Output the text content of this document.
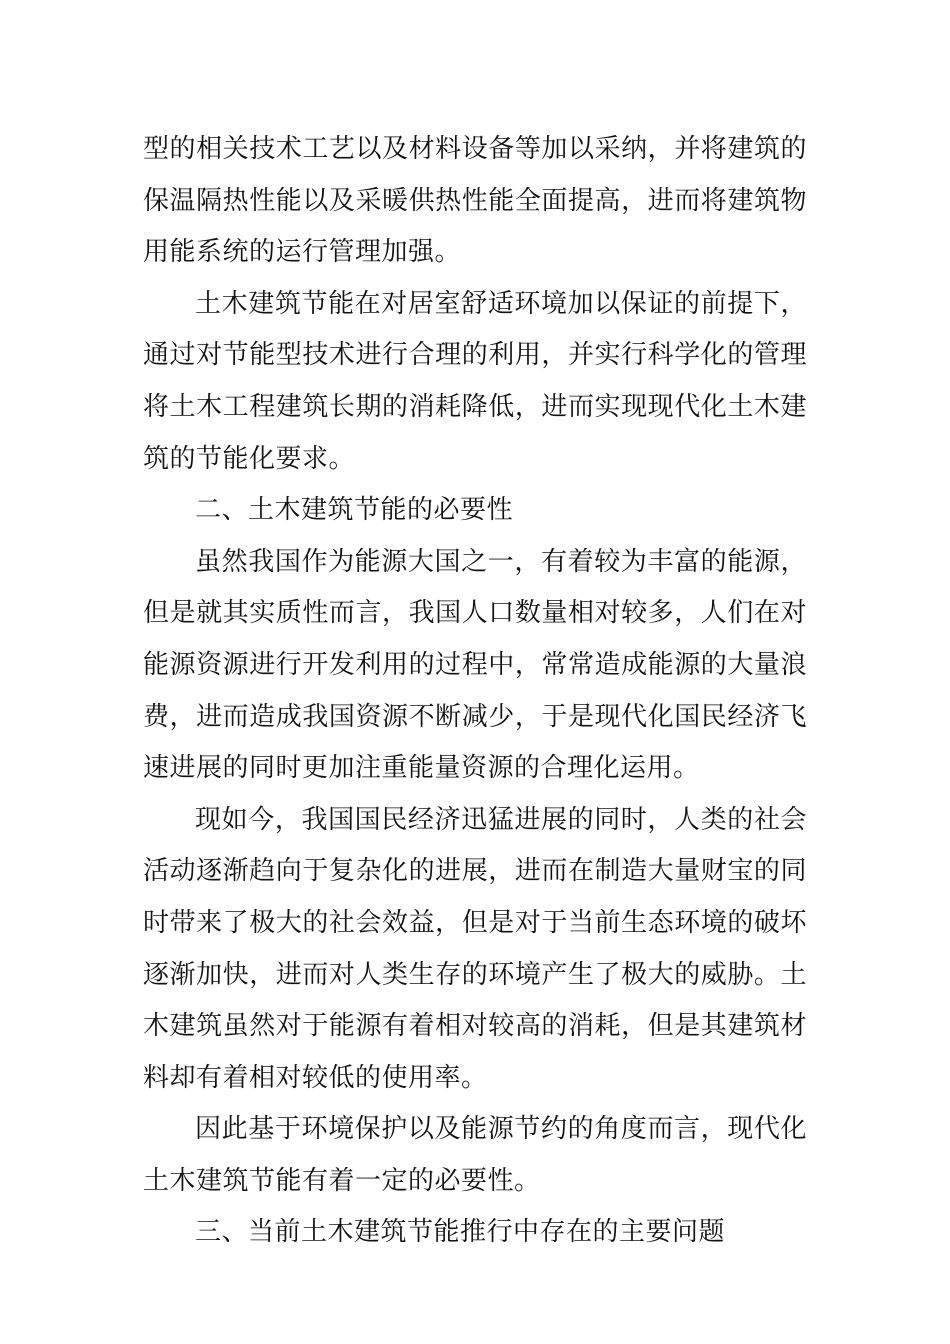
型的相关技术工艺以及材料设备等加以采纳，并将建筑的保温隔热性能以及采暖供热性能全面提高，进而将建筑物用能系统的运行管理加强。

土木建筑节能在对居室舒适环境加以保证的前提下，通过对节能型技术进行合理的利用，并实行科学化的管理将土木工程建筑长期的消耗降低，进而实现现代化土木建筑的节能化要求。

二、土木建筑节能的必要性

虽然我国作为能源大国之一，有着较为丰富的能源，但是就其实质性而言，我国人口数量相对较多，人们在对能源资源进行开发利用的过程中，常常造成能源的大量浪费，进而造成我国资源不断减少，于是现代化国民经济飞速进展的同时更加注重能量资源的合理化运用。

现如今，我国国民经济迅猛进展的同时，人类的社会活动逐渐趋向于复杂化的进展，进而在制造大量财宝的同时带来了极大的社会效益，但是对于当前生态环境的破坏逐渐加快，进而对人类生存的环境产生了极大的威胁。土木建筑虽然对于能源有着相对较高的消耗，但是其建筑材料却有着相对较低的使用率。

因此基于环境保护以及能源节约的角度而言，现代化土木建筑节能有着一定的必要性。

三、当前土木建筑节能推行中存在的主要问题
